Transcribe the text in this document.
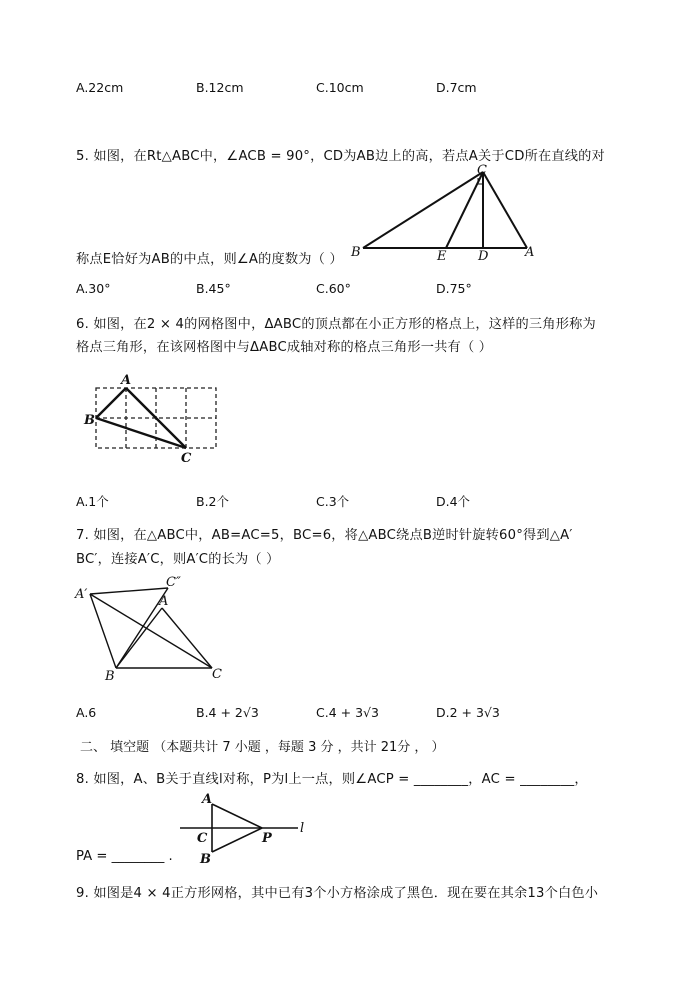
A.22cm	B.12cm	C.10cm	D.7cm
5. 如图，在Rt△ABC中，∠ACB = 90°，CD为AB边上的高，若点A关于CD所在直线的对
C
B	E D	A
称点E恰好为AB的中点，则∠A的度数为（ ）
A.30°	B.45°	C.60°	D.75°
6. 如图，在2 × 4的网格图中，ΔABC的顶点都在小正方形的格点上，这样的三角形称为
格点三角形，在该网格图中与ΔABC成轴对称的格点三角形一共有（ ）
A
B
C
A.1个	B.2个	C.3个	D.4个
7. 如图，在△ABC中，AB=AC=5，BC=6，将△ABC绕点B逆时针旋转60°得到△A′
BC′，连接A′C，则A′C的长为（ ）
A′
C″
A
B	C
A.6	B.4 + 2√3	C.4 + 3√3	D.2 + 3√3
二、 填空题 （本题共计 7 小题 ，每题 3 分 ，共计 21分 ， ）
8. 如图，A、B关于直线l对称，P为l上一点，则∠ACP = ________，AC = ________，
A
C	P
l
B
PA = ________ .
9. 如图是4 × 4正方形网格，其中已有3个小方格涂成了黑色．现在要在其余13个白色小
